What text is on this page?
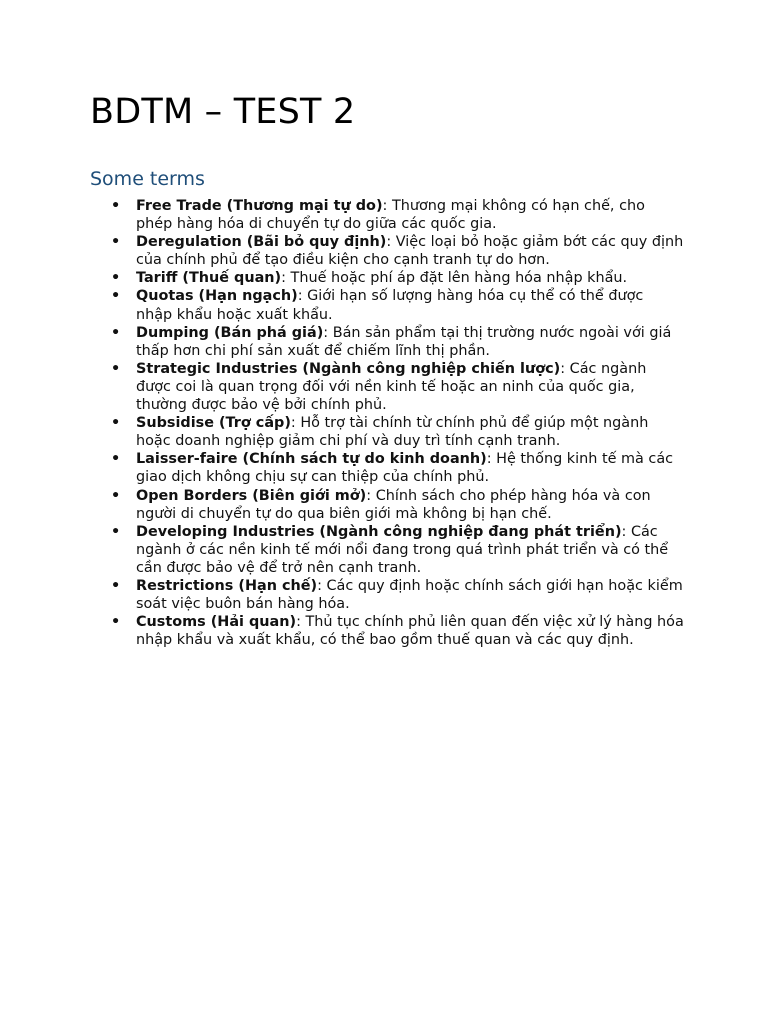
BDTM – TEST 2
Some terms
• Free Trade (Thương mại tự do): Thương mại không có hạn chế, cho phép hàng hóa di chuyển tự do giữa các quốc gia.
• Deregulation (Bãi bỏ quy định): Việc loại bỏ hoặc giảm bớt các quy định của chính phủ để tạo điều kiện cho cạnh tranh tự do hơn.
• Tariff (Thuế quan): Thuế hoặc phí áp đặt lên hàng hóa nhập khẩu.
• Quotas (Hạn ngạch): Giới hạn số lượng hàng hóa cụ thể có thể được nhập khẩu hoặc xuất khẩu.
• Dumping (Bán phá giá): Bán sản phẩm tại thị trường nước ngoài với giá thấp hơn chi phí sản xuất để chiếm lĩnh thị phần.
• Strategic Industries (Ngành công nghiệp chiến lược): Các ngành được coi là quan trọng đối với nền kinh tế hoặc an ninh của quốc gia, thường được bảo vệ bởi chính phủ.
• Subsidise (Trợ cấp): Hỗ trợ tài chính từ chính phủ để giúp một ngành hoặc doanh nghiệp giảm chi phí và duy trì tính cạnh tranh.
• Laisser-faire (Chính sách tự do kinh doanh): Hệ thống kinh tế mà các giao dịch không chịu sự can thiệp của chính phủ.
• Open Borders (Biên giới mở): Chính sách cho phép hàng hóa và con người di chuyển tự do qua biên giới mà không bị hạn chế.
• Developing Industries (Ngành công nghiệp đang phát triển): Các ngành ở các nền kinh tế mới nổi đang trong quá trình phát triển và có thể cần được bảo vệ để trở nên cạnh tranh.
• Restrictions (Hạn chế): Các quy định hoặc chính sách giới hạn hoặc kiểm soát việc buôn bán hàng hóa.
• Customs (Hải quan): Thủ tục chính phủ liên quan đến việc xử lý hàng hóa nhập khẩu và xuất khẩu, có thể bao gồm thuế quan và các quy định.
